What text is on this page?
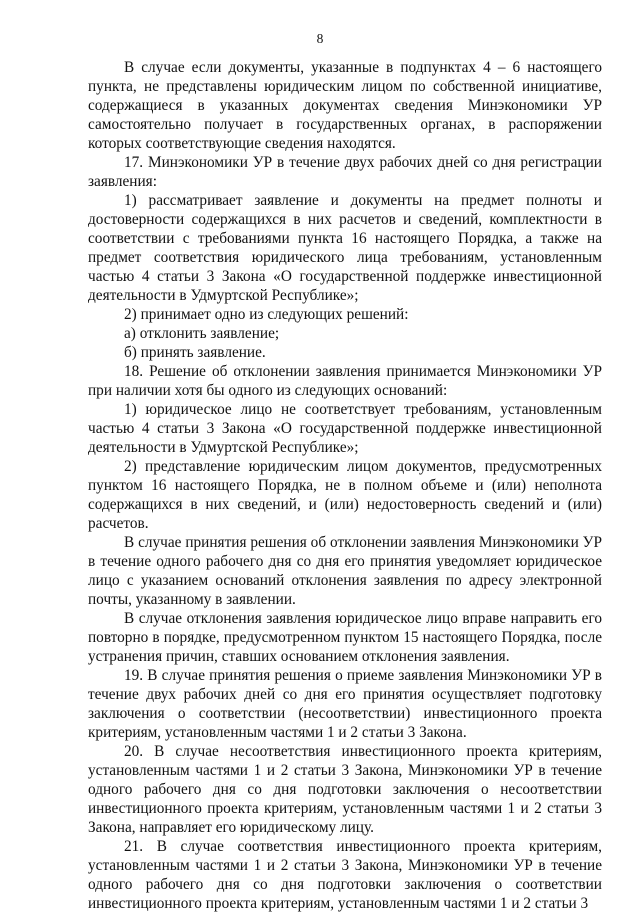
8

В случае если документы, указанные в подпунктах 4 – 6 настоящего пункта, не представлены юридическим лицом по собственной инициативе, содержащиеся в указанных документах сведения Минэкономики УР самостоятельно получает в государственных органах, в распоряжении которых соответствующие сведения находятся.

17. Минэкономики УР в течение двух рабочих дней со дня регистрации заявления:

1) рассматривает заявление и документы на предмет полноты и достоверности содержащихся в них расчетов и сведений, комплектности в соответствии с требованиями пункта 16 настоящего Порядка, а также на предмет соответствия юридического лица требованиям, установленным частью 4 статьи 3 Закона «О государственной поддержке инвестиционной деятельности в Удмуртской Республике»;

2) принимает одно из следующих решений:

а) отклонить заявление;

б) принять заявление.

18. Решение об отклонении заявления принимается Минэкономики УР при наличии хотя бы одного из следующих оснований:

1) юридическое лицо не соответствует требованиям, установленным частью 4 статьи 3 Закона «О государственной поддержке инвестиционной деятельности в Удмуртской Республике»;

2) представление юридическим лицом документов, предусмотренных пунктом 16 настоящего Порядка, не в полном объеме и (или) неполнота содержащихся в них сведений, и (или) недостоверность сведений и (или) расчетов.

В случае принятия решения об отклонении заявления Минэкономики УР в течение одного рабочего дня со дня его принятия уведомляет юридическое лицо с указанием оснований отклонения заявления по адресу электронной почты, указанному в заявлении.

В случае отклонения заявления юридическое лицо вправе направить его повторно в порядке, предусмотренном пунктом 15 настоящего Порядка, после устранения причин, ставших основанием отклонения заявления.

19. В случае принятия решения о приеме заявления Минэкономики УР в течение двух рабочих дней со дня его принятия осуществляет подготовку заключения о соответствии (несоответствии) инвестиционного проекта критериям, установленным частями 1 и 2 статьи 3 Закона.

20. В случае несоответствия инвестиционного проекта критериям, установленным частями 1 и 2 статьи 3 Закона, Минэкономики УР в течение одного рабочего дня со дня подготовки заключения о несоответствии инвестиционного проекта критериям, установленным частями 1 и 2 статьи 3 Закона, направляет его юридическому лицу.

21. В случае соответствия инвестиционного проекта критериям, установленным частями 1 и 2 статьи 3 Закона, Минэкономики УР в течение одного рабочего дня со дня подготовки заключения о соответствии инвестиционного проекта критериям, установленным частями 1 и 2 статьи 3
